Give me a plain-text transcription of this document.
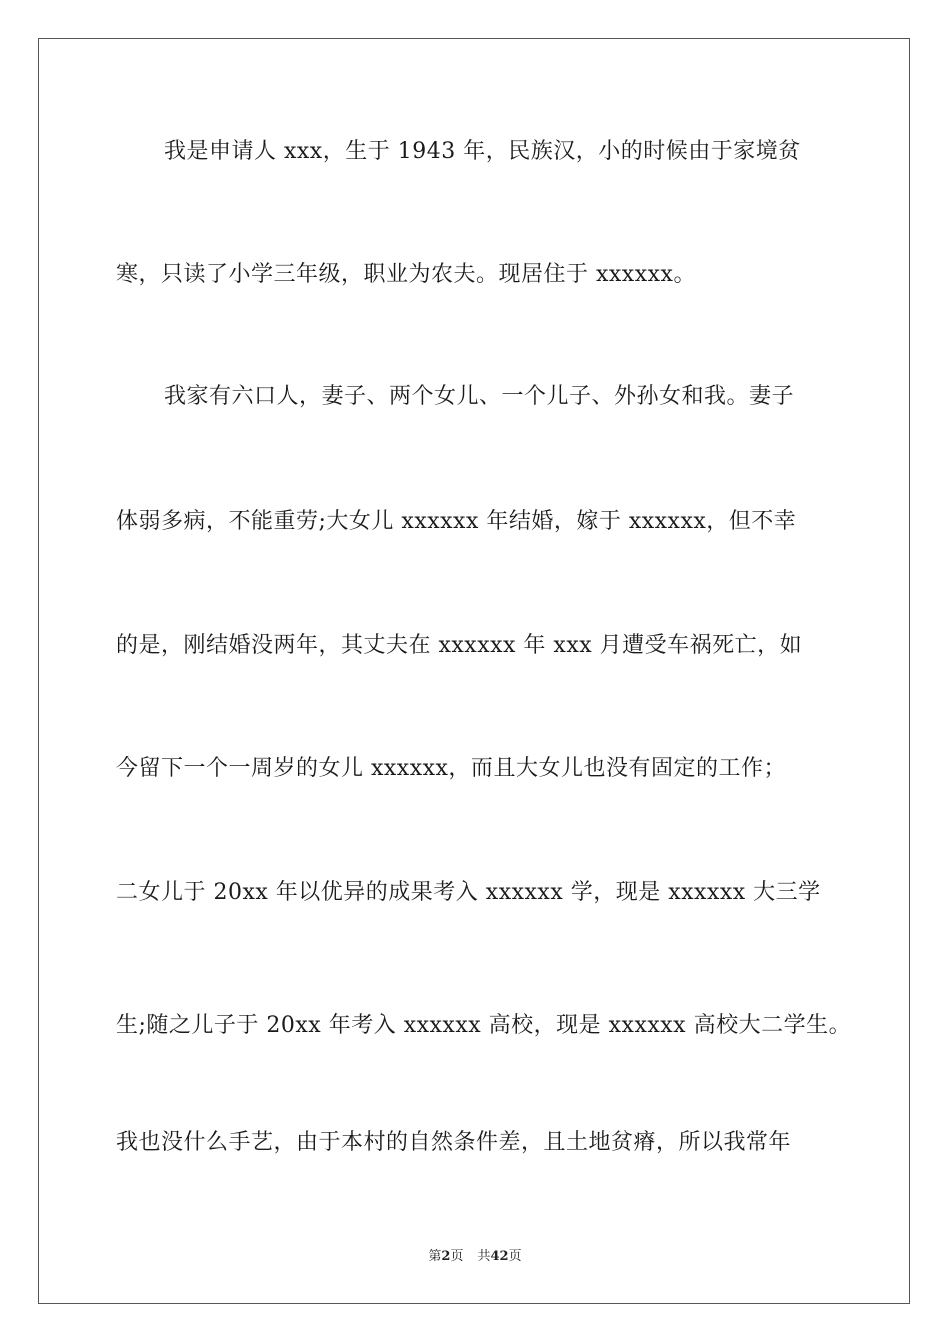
我是申请人 xxx，生于 1943 年，民族汉，小的时候由于家境贫
寒，只读了小学三年级，职业为农夫。现居住于 xxxxxx。
我家有六口人，妻子、两个女儿、一个儿子、外孙女和我。妻子
体弱多病，不能重劳;大女儿 xxxxxx 年结婚，嫁于 xxxxxx，但不幸
的是，刚结婚没两年，其丈夫在 xxxxxx 年 xxx 月遭受车祸死亡，如
今留下一个一周岁的女儿 xxxxxx，而且大女儿也没有固定的工作；
二女儿于 20xx 年以优异的成果考入 xxxxxx 学，现是 xxxxxx 大三学
生;随之儿子于 20xx 年考入 xxxxxx 高校，现是 xxxxxx 高校大二学生。
我也没什么手艺，由于本村的自然条件差，且土地贫瘠，所以我常年
第2页 共42页
